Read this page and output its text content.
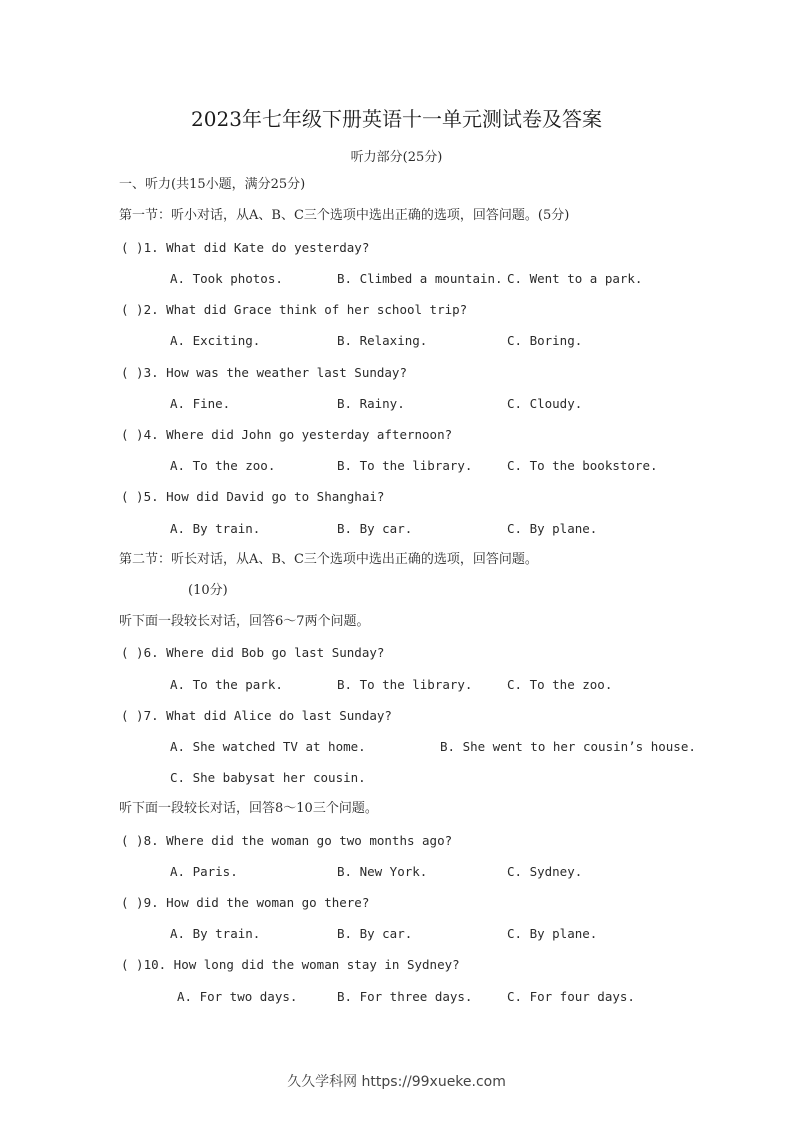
2023年七年级下册英语十一单元测试卷及答案
听力部分(25分)
一、听力(共15小题，满分25分)
第一节：听小对话，从A、B、C三个选项中选出正确的选项，回答问题。(5分)
( )1. What did Kate do yesterday?
A. Took photos.	B. Climbed a mountain. C. Went to a park.
( )2. What did Grace think of her school trip?
A. Exciting.	B. Relaxing.	C. Boring.
( )3. How was the weather last Sunday?
A. Fine.	B. Rainy.	C. Cloudy.
( )4. Where did John go yesterday afternoon?
A. To the zoo.	B. To the library.	C. To the bookstore.
( )5. How did David go to Shanghai?
A. By train.	B. By car.	C. By plane.
第二节：听长对话，从A、B、C三个选项中选出正确的选项，回答问题。
(10分)
听下面一段较长对话，回答6～7两个问题。
( )6. Where did Bob go last Sunday?
A. To the park.	B. To the library.	C. To the zoo.
( )7. What did Alice do last Sunday?
A. She watched TV at home.	B. She went to her cousin’s house.
C. She babysat her cousin.
听下面一段较长对话，回答8～10三个问题。
( )8. Where did the woman go two months ago?
A. Paris.	B. New York.	C. Sydney.
( )9. How did the woman go there?
A. By train.	B. By car.	C. By plane.
( )10. How long did the woman stay in Sydney?
A. For two days.	B. For three days.	C. For four days.
久久学科网 https://99xueke.com
